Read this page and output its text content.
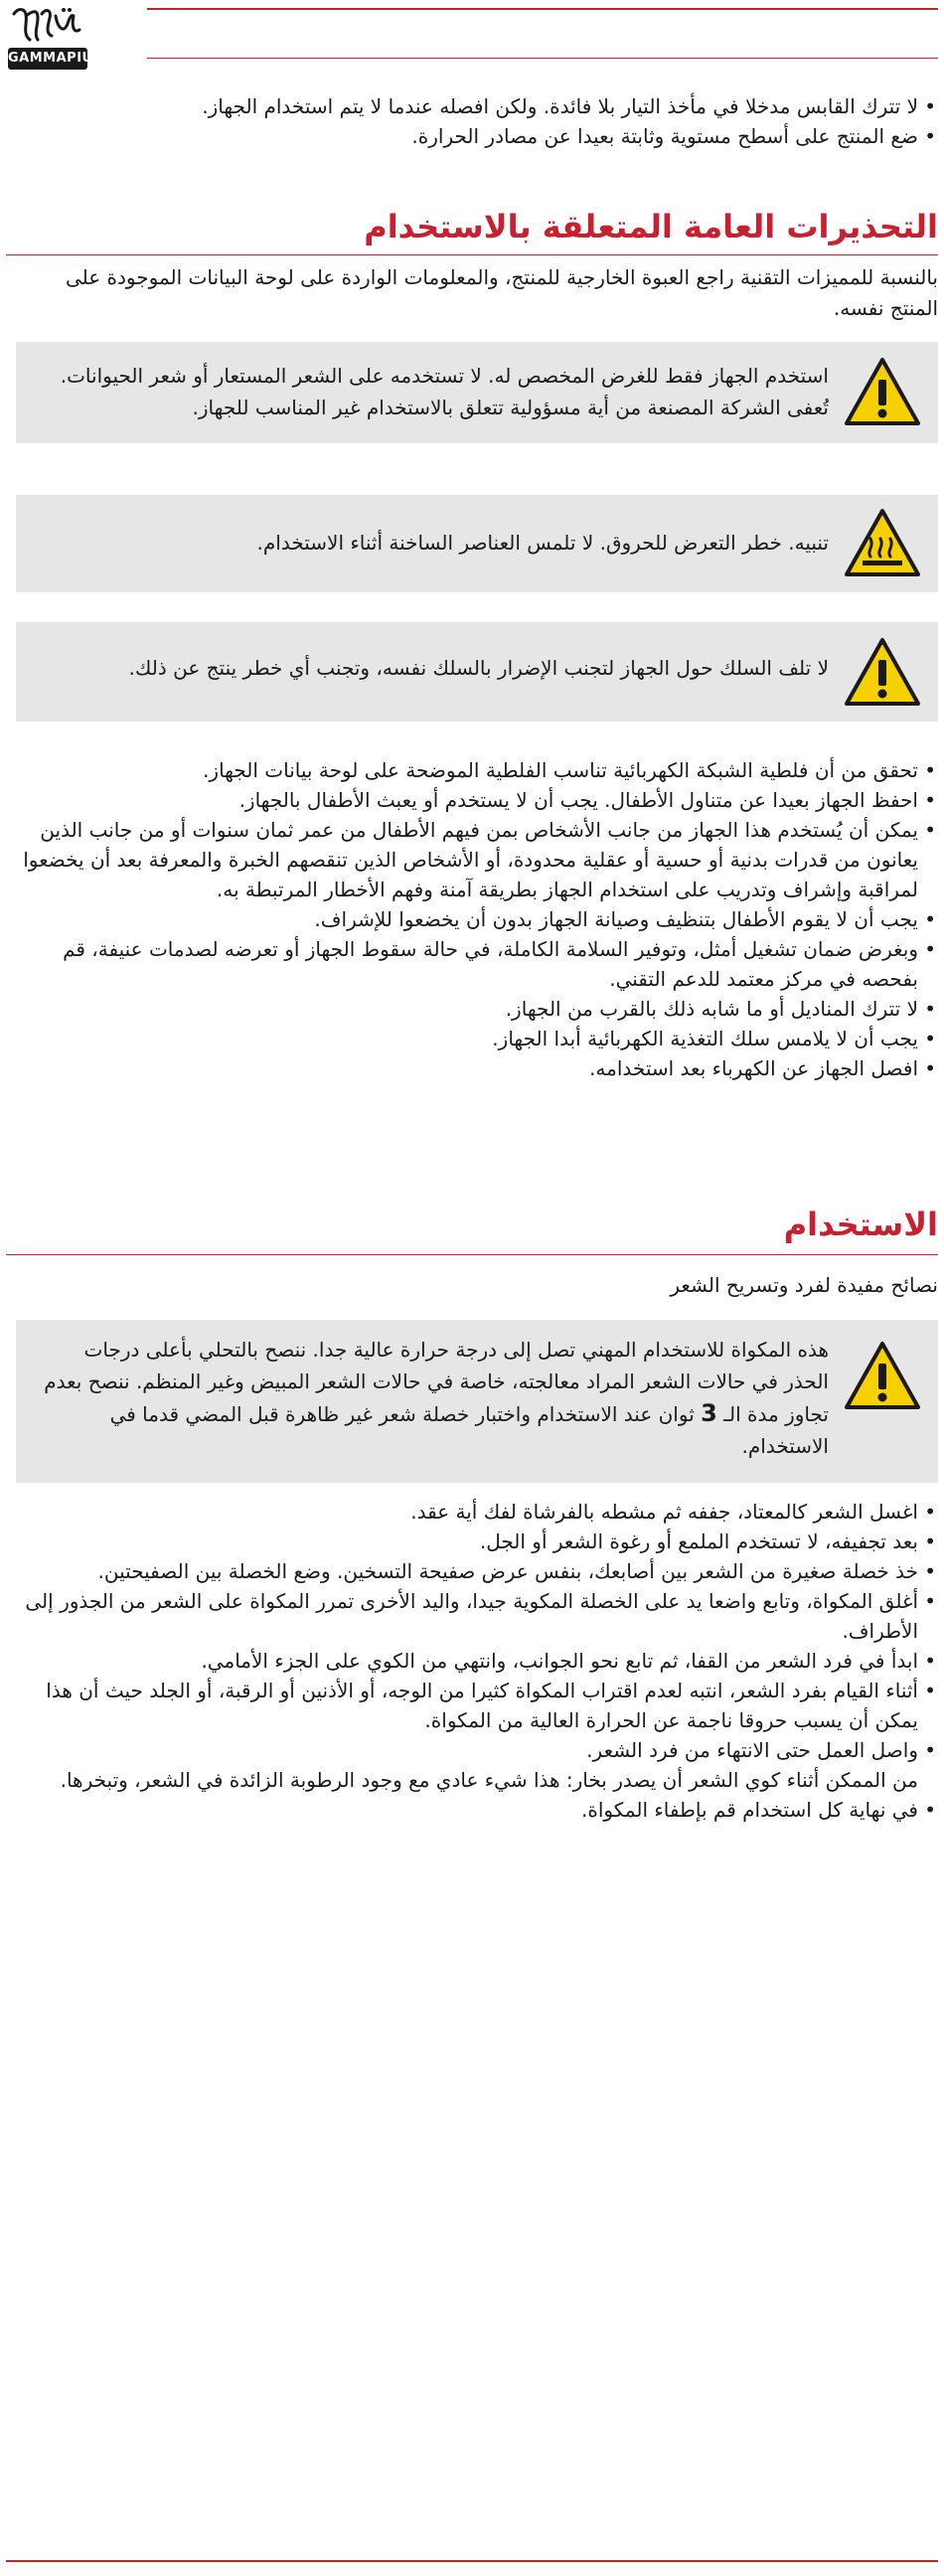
GAMMAPIU
• لا تترك القابس مدخلا في مأخذ التيار بلا فائدة. ولكن افصله عندما لا يتم استخدام الجهاز.
• ضع المنتج على أسطح مستوية وثابتة بعيدا عن مصادر الحرارة.
التحذيرات العامة المتعلقة بالاستخدام
بالنسبة للمميزات التقنية راجع العبوة الخارجية للمنتج، والمعلومات الواردة على لوحة البيانات الموجودة على المنتج نفسه.
استخدم الجهاز فقط للغرض المخصص له. لا تستخدمه على الشعر المستعار أو شعر الحيوانات. تُعفى الشركة المصنعة من أية مسؤولية تتعلق بالاستخدام غير المناسب للجهاز.
تنبيه. خطر التعرض للحروق. لا تلمس العناصر الساخنة أثناء الاستخدام.
لا تلف السلك حول الجهاز لتجنب الإضرار بالسلك نفسه، وتجنب أي خطر ينتج عن ذلك.
• تحقق من أن فلطية الشبكة الكهربائية تناسب الفلطية الموضحة على لوحة بيانات الجهاز.
• احفظ الجهاز بعيدا عن متناول الأطفال. يجب أن لا يستخدم أو يعبث الأطفال بالجهاز.
• يمكن أن يُستخدم هذا الجهاز من جانب الأشخاص بمن فيهم الأطفال من عمر ثمان سنوات أو من جانب الذين يعانون من قدرات بدنية أو حسية أو عقلية محدودة، أو الأشخاص الذين تنقصهم الخبرة والمعرفة بعد أن يخضعوا لمراقبة وإشراف وتدريب على استخدام الجهاز بطريقة آمنة وفهم الأخطار المرتبطة به.
• يجب أن لا يقوم الأطفال بتنظيف وصيانة الجهاز بدون أن يخضعوا للإشراف.
• وبغرض ضمان تشغيل أمثل، وتوفير السلامة الكاملة، في حالة سقوط الجهاز أو تعرضه لصدمات عنيفة، قم بفحصه في مركز معتمد للدعم التقني.
• لا تترك المناديل أو ما شابه ذلك بالقرب من الجهاز.
• يجب أن لا يلامس سلك التغذية الكهربائية أبدا الجهاز.
• افصل الجهاز عن الكهرباء بعد استخدامه.
الاستخدام
نصائح مفيدة لفرد وتسريح الشعر
هذه المكواة للاستخدام المهني تصل إلى درجة حرارة عالية جدا. ننصح بالتحلي بأعلى درجات الحذر في حالات الشعر المراد معالجته، خاصة في حالات الشعر المبيض وغير المنظم. ننصح بعدم تجاوز مدة الـ 3 ثوان عند الاستخدام واختبار خصلة شعر غير ظاهرة قبل المضي قدما في الاستخدام.
• اغسل الشعر كالمعتاد، جففه ثم مشطه بالفرشاة لفك أية عقد.
• بعد تجفيفه، لا تستخدم الملمع أو رغوة الشعر أو الجل.
• خذ خصلة صغيرة من الشعر بين أصابعك، بنفس عرض صفيحة التسخين. وضع الخصلة بين الصفيحتين.
• أغلق المكواة، وتابع واضعا يد على الخصلة المكوية جيدا، واليد الأخرى تمرر المكواة على الشعر من الجذور إلى الأطراف.
• ابدأ في فرد الشعر من القفا، ثم تابع نحو الجوانب، وانتهي من الكوي على الجزء الأمامي.
• أثناء القيام بفرد الشعر، انتبه لعدم اقتراب المكواة كثيرا من الوجه، أو الأذنين أو الرقبة، أو الجلد حيث أن هذا يمكن أن يسبب حروقا ناجمة عن الحرارة العالية من المكواة.
• واصل العمل حتى الانتهاء من فرد الشعر.
من الممكن أثناء كوي الشعر أن يصدر بخار: هذا شيء عادي مع وجود الرطوبة الزائدة في الشعر، وتبخرها.
• في نهاية كل استخدام قم بإطفاء المكواة.
